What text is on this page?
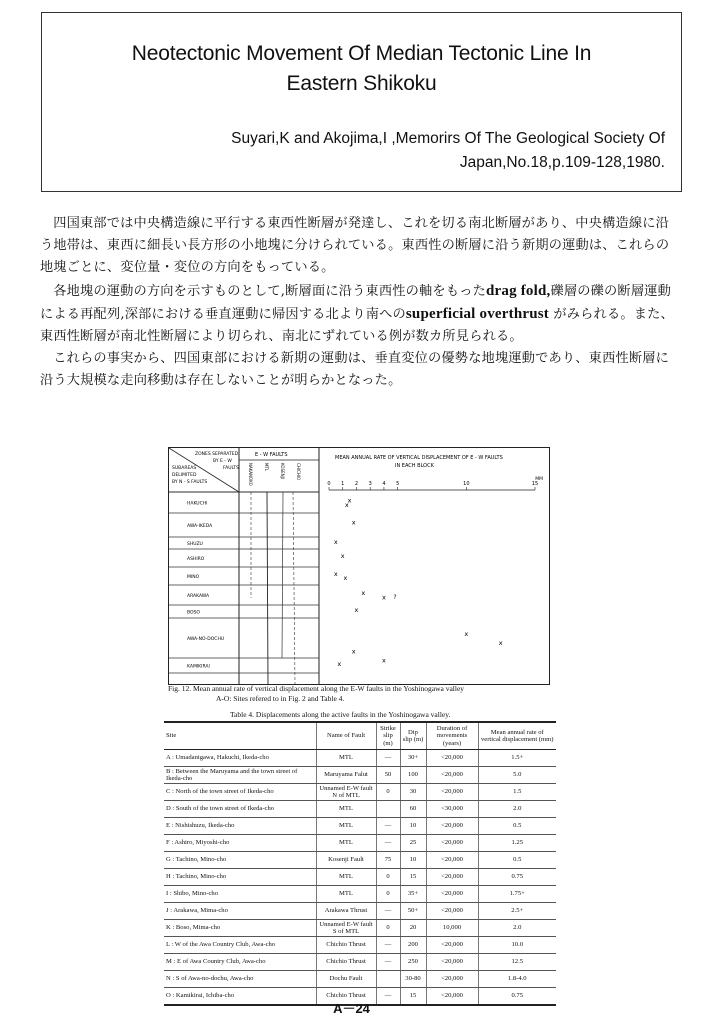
Neotectonic Movement Of Median Tectonic Line In
Eastern Shikoku
Suyari,K and Akojima,I ,Memorirs Of The Geological Society Of
Japan,No.18,p.109-128,1980.

四国東部では中央構造線に平行する東西性断層が発達し、これを切る南北断層があり、中央構造線に沿う地帯は、東西に細長い長方形の小地塊に分けられている。東西性の断層に沿う新期の運動は、これらの地塊ごとに、変位量・変位の方向をもっている。

各地塊の運動の方向を示すものとして,断層面に沿う東西性の軸をもったdrag fold,礫層の礫の断層運動による再配列,深部における垂直運動に帰因する北より南へのsuperficial overthrust がみられる。また、東西性断層が南北性断層により切られ、南北にずれている例が数カ所見られる。

これらの事実から、四国東部における新期の運動は、垂直変位の優勢な地塊運動であり、東西性断層に沿う大規模な走向移動は存在しないことが明らかとなった。

ZONES SEPARATED
BY E - W
FAULTS
SUBAREAS
DELIMITED
BY N - S FAULTS
E - W FAULTS
NAKANOKO	MTL	KOSENJI	CHICHIO
MEAN ANNUAL RATE OF VERTICAL DISPLACEMENT OF E - W FAULTS
IN EACH BLOCK
MM
HAKUCHI
AWA-IKEDA
SHUZU
ASHIRO
MINO
ARAKAWA
BOSO
AWA-NO-DOCHU
KAMIKIRAI
0 1 2 3 4 5	10	15
x
x
x
x
x
x x
x
x
x
x
x
x
x
x
?
Fig. 12. Mean annual rate of vertical displacement along the E-W faults in the Yoshinogawa valley
A-O: Sites refered to in Fig. 2 and Table 4.
Table 4. Displacements along the active faults in the Yoshinogawa valley.
Site	Name of Fault	Strike slip (m)	Dip slip (m)	Duration of movements (years)	Mean annual rate of vertical displacement (mm)
A : Umadanigawa, Hakuchi, Ikeda-cho	MTL	—	30+	<20,000	1.5+
B : Between the Maruyama and the town street of Ikeda-cho	Maruyama Falut	50	100	<20,000	5.0
C : North of the town street of Ikeda-cho	Unnamed E-W fault N of MTL	0	30	<20,000	1.5
D : South of the town street of Ikeda-cho	MTL		60	<30,000	2.0
E : Nishishuzu, Ikeda-cho	MTL	—	10	<20,000	0.5
F : Ashiro, Miyoshi-cho	MTL	—	25	<20,000	1.25
G : Tachino, Mino-cho	Kosenji Fault	75	10	<20,000	0.5
H : Tachino, Mino-cho	MTL	0	15	<20,000	0.75
I : Shibo, Mino-cho	MTL	0	35+	<20,000	1.75+
J : Arakawa, Mima-cho	Arakawa Thrust	—	50+	<20,000	2.5+
K : Boso, Mima-cho	Unnamed E-W fault S of MTL	0	20	10,000	2.0
L : W of the Awa Country Club, Awa-cho	Chichio Thrust	—	200	<20,000	10.0
M : E of Awa Country Club, Awa-cho	Chichio Thrust	—	250	<20,000	12.5
N : S of Awa-no-dochu, Awa-cho	Dochu Fault		30-80	<20,000	1.8-4.0
O : Kamikirai, Ichiba-cho	Chichio Thrust	—	15	<20,000	0.75
A－24
